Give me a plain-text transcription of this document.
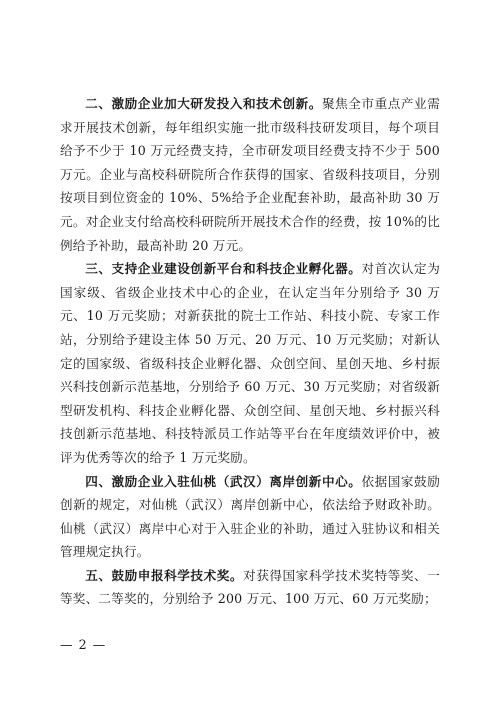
二、激励企业加大研发投入和技术创新。聚焦全市重点产业需求开展技术创新，每年组织实施一批市级科技研发项目，每个项目给予不少于 10 万元经费支持，全市研发项目经费支持不少于 500 万元。企业与高校科研院所合作获得的国家、省级科技项目，分别按项目到位资金的 10%、5%给予企业配套补助，最高补助 30 万元。对企业支付给高校科研院所开展技术合作的经费，按 10%的比例给予补助，最高补助 20 万元。

三、支持企业建设创新平台和科技企业孵化器。对首次认定为国家级、省级企业技术中心的企业，在认定当年分别给予 30 万元、10 万元奖励；对新获批的院士工作站、科技小院、专家工作站，分别给予建设主体 50 万元、20 万元、10 万元奖励；对新认定的国家级、省级科技企业孵化器、众创空间、星创天地、乡村振兴科技创新示范基地，分别给予 60 万元、30 万元奖励；对省级新型研发机构、科技企业孵化器、众创空间、星创天地、乡村振兴科技创新示范基地、科技特派员工作站等平台在年度绩效评价中，被评为优秀等次的给予 1 万元奖励。

四、激励企业入驻仙桃（武汉）离岸创新中心。依据国家鼓励创新的规定，对仙桃（武汉）离岸创新中心，依法给予财政补助。仙桃（武汉）离岸中心对于入驻企业的补助，通过入驻协议和相关管理规定执行。

五、鼓励申报科学技术奖。对获得国家科学技术奖特等奖、一等奖、二等奖的，分别给予 200 万元、100 万元、60 万元奖励；

— 2 —
